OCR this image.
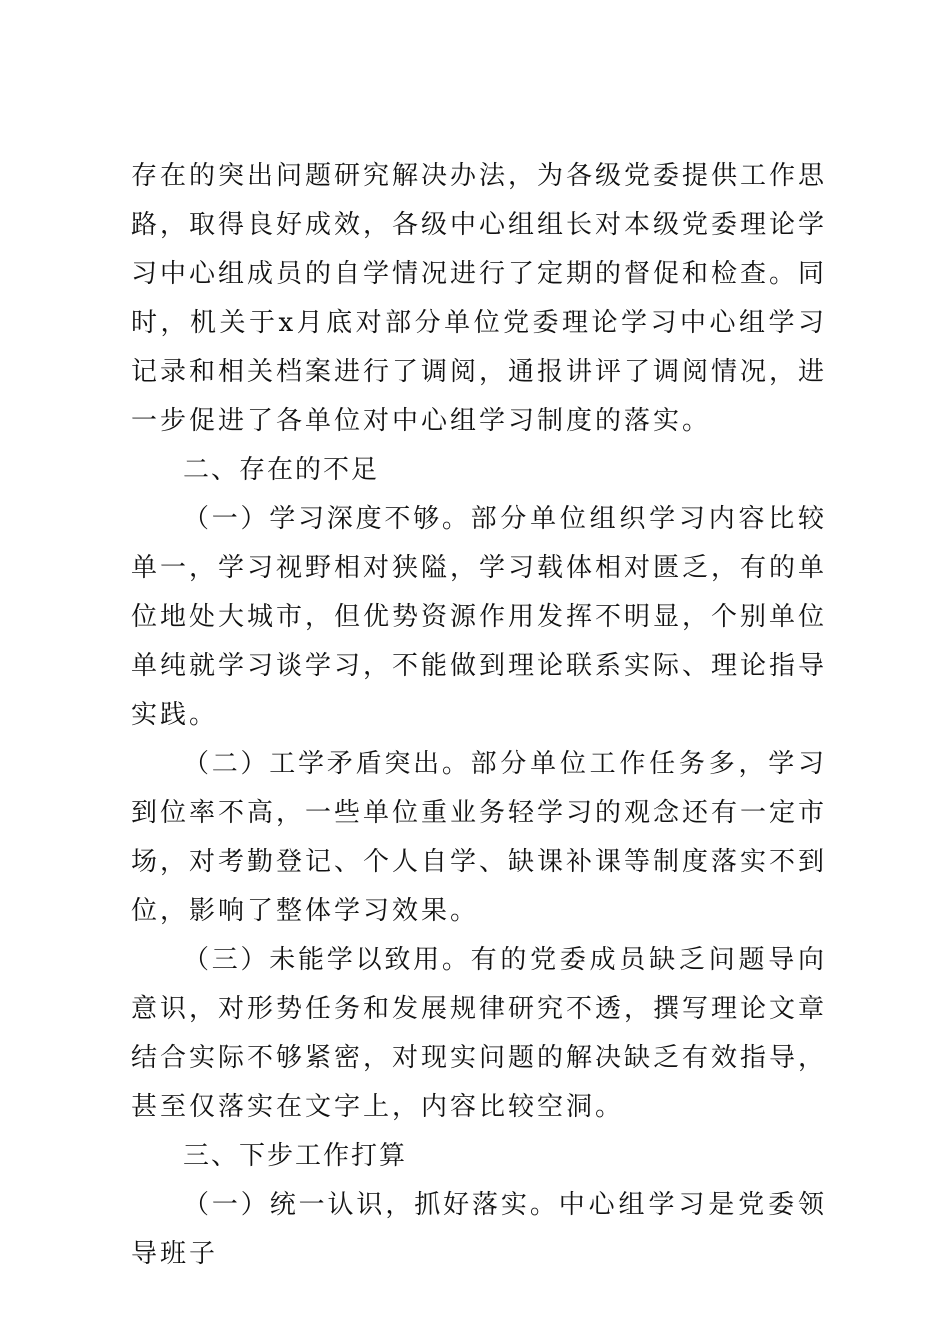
存在的突出问题研究解决办法，为各级党委提供工作思路，取得良好成效，各级中心组组长对本级党委理论学习中心组成员的自学情况进行了定期的督促和检查。同时，机关于x月底对部分单位党委理论学习中心组学习记录和相关档案进行了调阅，通报讲评了调阅情况，进一步促进了各单位对中心组学习制度的落实。

二、存在的不足

（一）学习深度不够。部分单位组织学习内容比较单一，学习视野相对狭隘，学习载体相对匮乏，有的单位地处大城市，但优势资源作用发挥不明显，个别单位单纯就学习谈学习，不能做到理论联系实际、理论指导实践。

（二）工学矛盾突出。部分单位工作任务多，学习到位率不高，一些单位重业务轻学习的观念还有一定市场，对考勤登记、个人自学、缺课补课等制度落实不到位，影响了整体学习效果。

（三）未能学以致用。有的党委成员缺乏问题导向意识，对形势任务和发展规律研究不透，撰写理论文章结合实际不够紧密，对现实问题的解决缺乏有效指导，甚至仅落实在文字上，内容比较空洞。

三、下步工作打算

（一）统一认识，抓好落实。中心组学习是党委领导班子
